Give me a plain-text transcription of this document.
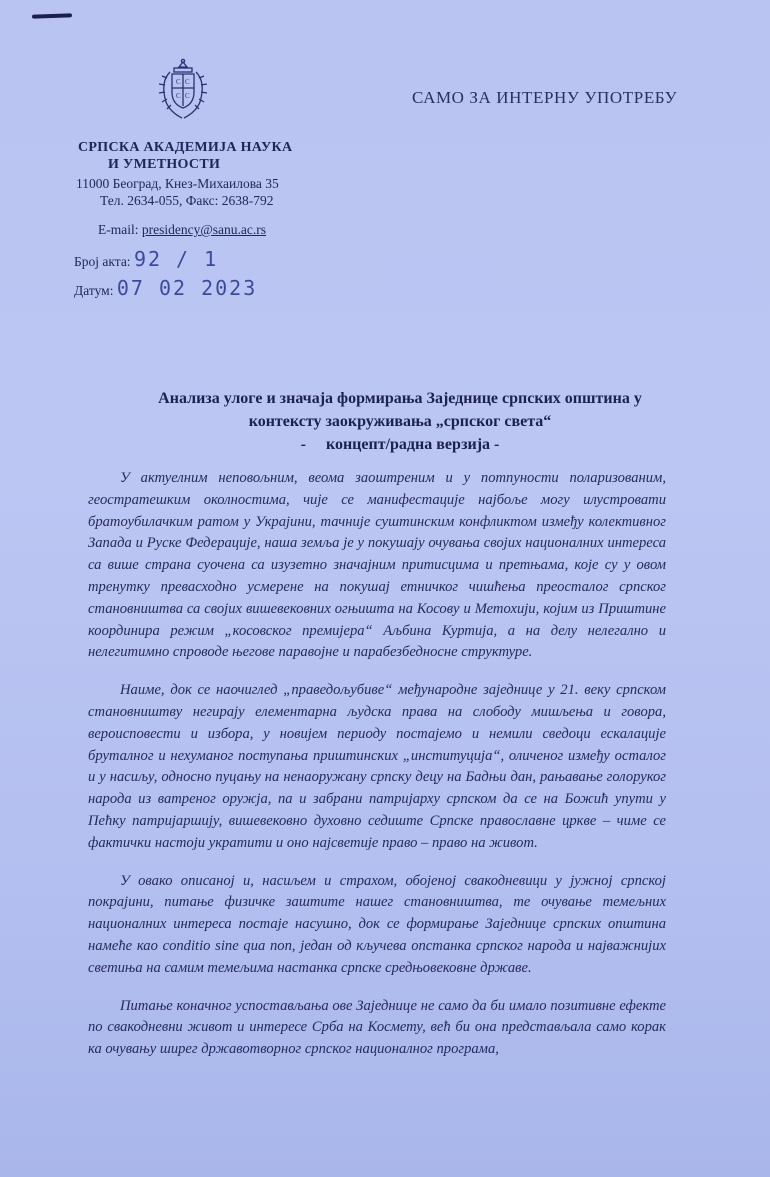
С С
С С	САМО ЗА ИНТЕРНУ УПОТРЕБУ
СРПСКА АКАДЕМИЈА НАУКА
И УМЕТНОСТИ
11000 Београд, Кнез-Михаилова 35
Тел. 2634-055, Факс: 2638-792
E-mail: presidency@sanu.ac.rs
Број акта: 92 / 1
Датум: 07 02 2023
Анализа улоге и значаја формирања Заједнице српских општина у
контексту заокруживања „српског света“
-     концепт/радна верзија -

У актуелним неповољним, веома заоштреним и у потпуности поларизованим, геостратешким околностима, чије се манифестације најбоље могу илустровати братоубилачким ратом у Украјини, тачније суштинским конфликтом између колективног Запада и Руске Федерације, наша земља је у покушају очувања својих националних интереса са више страна суочена са изузетно значајним притисцима и претњама, које су у овом тренутку превасходно усмерене на покушај етничког чишћења преосталог српског становништва са својих вишевековних огњишта на Косову и Метохији, којим из Приштине координира режим „косовског премијера“ Аљбина Куртија, а на делу нелегално и нелегитимно спроводе његове паравојне и парабезбедносне структуре.

Наиме, док се наочиглед „праведољубиве“ међународне заједнице у 21. веку српском становништву негирају елементарна људска права на слободу мишљења и говора, вероисповести и избора, у новијем периоду постајемо и немили сведоци ескалације бруталног и нехуманог поступања приштинских „институција“, оличеног између осталог и у насиљу, односно пуцању на ненаоружану српску децу на Бадњи дан, рањавање голоруког народа из ватреног оружја, па и забрани патријарху српском да се на Божић упути у Пећку патријаршију, вишевековно духовно седиште Српске православне цркве – чиме се фактички настоји укратити и оно најсветије право – право на живот.

У овако описаној и, насиљем и страхом, обојеној свакодневици у јужној српској покрајини, питање физичке заштите нашег становништва, те очување темељних националних интереса постаје насушно, док се формирање Заједнице српских општина намеће као conditio sine qua non, један од кључева опстанка српског народа и најважнијих светиња на самим темељима настанка српске средњовековне државе.

Питање коначног успостављања ове Заједнице не само да би имало позитивне ефекте по свакодневни живот и интересе Срба на Космету, већ би она представљала само корак ка очувању ширег државотворног српског националног програма,
